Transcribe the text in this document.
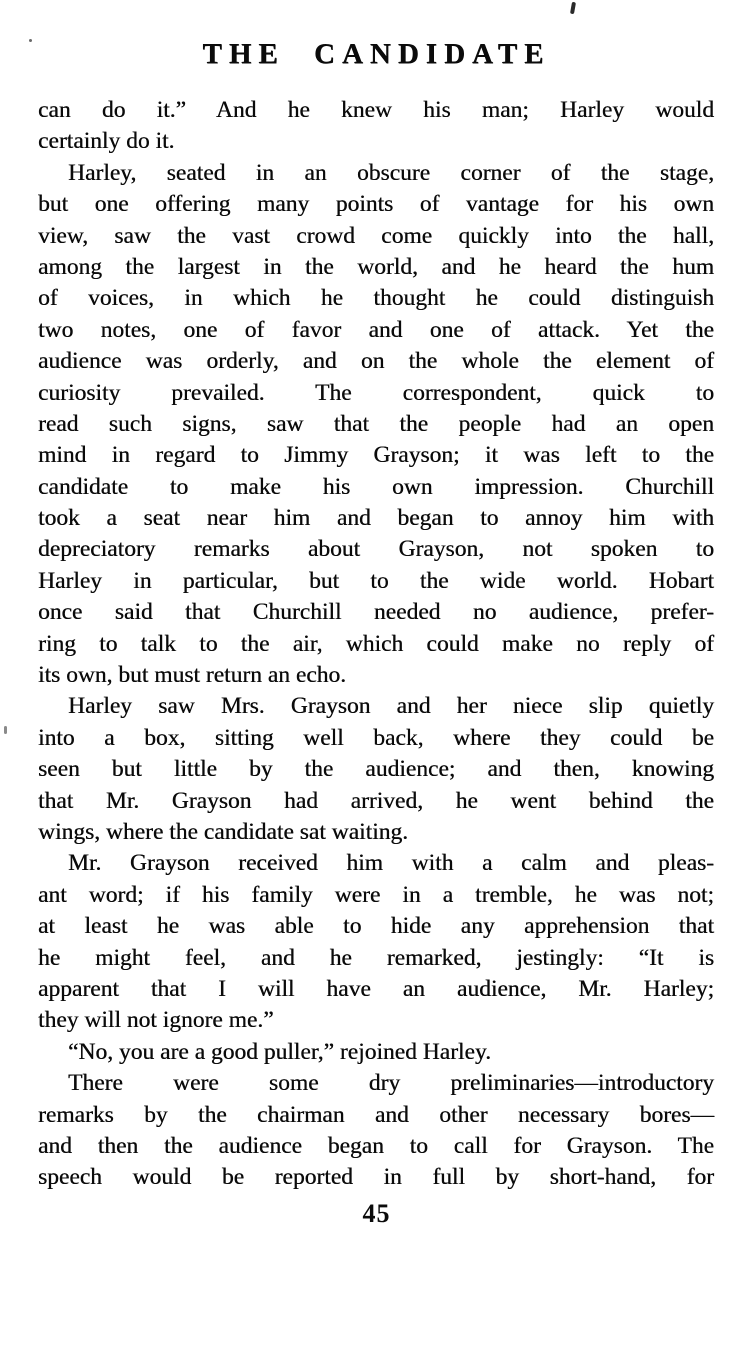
THE CANDIDATE
can do it.” And he knew his man; Harley would
certainly do it.
Harley, seated in an obscure corner of the stage,
but one offering many points of vantage for his own
view, saw the vast crowd come quickly into the hall,
among the largest in the world, and he heard the hum
of voices, in which he thought he could distinguish
two notes, one of favor and one of attack. Yet the
audience was orderly, and on the whole the element of
curiosity prevailed. The correspondent, quick to
read such signs, saw that the people had an open
mind in regard to Jimmy Grayson; it was left to the
candidate to make his own impression. Churchill
took a seat near him and began to annoy him with
depreciatory remarks about Grayson, not spoken to
Harley in particular, but to the wide world. Hobart
once said that Churchill needed no audience, prefer-
ring to talk to the air, which could make no reply of
its own, but must return an echo.
Harley saw Mrs. Grayson and her niece slip quietly
into a box, sitting well back, where they could be
seen but little by the audience; and then, knowing
that Mr. Grayson had arrived, he went behind the
wings, where the candidate sat waiting.
Mr. Grayson received him with a calm and pleas-
ant word; if his family were in a tremble, he was not;
at least he was able to hide any apprehension that
he might feel, and he remarked, jestingly: “It is
apparent that I will have an audience, Mr. Harley;
they will not ignore me.”
“No, you are a good puller,” rejoined Harley.
There were some dry preliminaries—introductory
remarks by the chairman and other necessary bores—
and then the audience began to call for Grayson. The
speech would be reported in full by short-hand, for
45
